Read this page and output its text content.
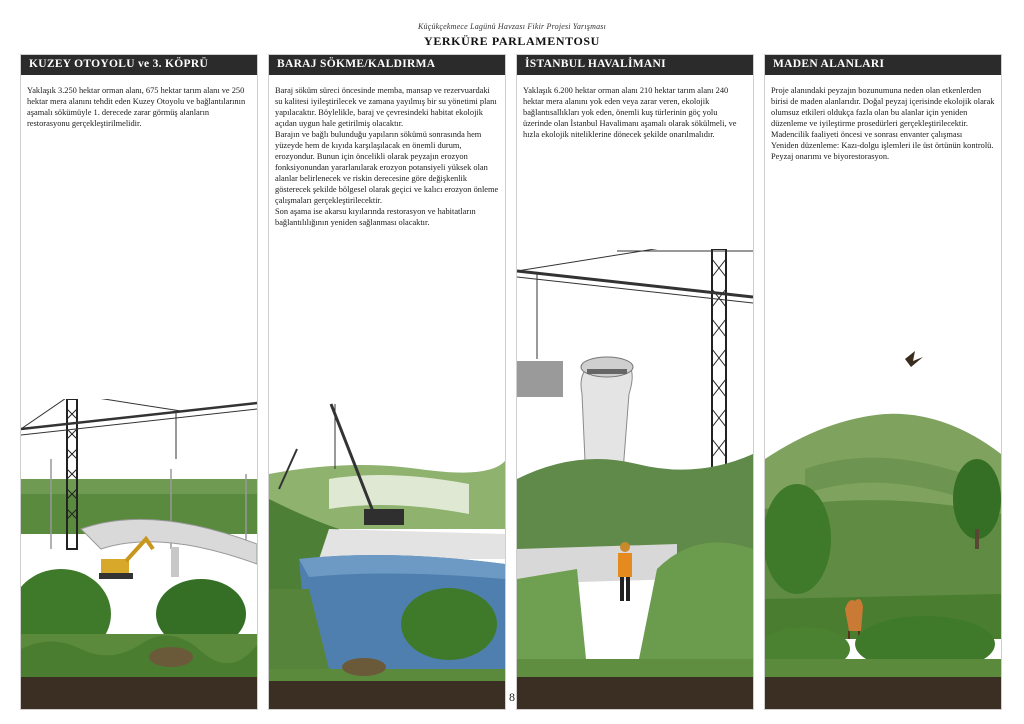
Küçükçekmece Lagünü Havzası Fikir Projesi Yarışması
YERKÜRE PARLAMENTOSU
KUZEY OTOYOLU ve 3. KÖPRÜ

Yaklaşık 3.250 hektar orman alanı, 675 hektar tarım alanı ve 250 hektar mera alanını tehdit eden Kuzey Otoyolu ve bağlantılarının aşamalı sökümüyle 1. derecede zarar görmüş alanların restorasyonu gerçekleştirilmelidir.

BARAJ SÖKME/KALDIRMA

Baraj söküm süreci öncesinde memba, mansap ve rezervuardaki su kalitesi iyileştirilecek ve zamana yayılmış bir su yönetimi planı yapılacaktır. Böylelikle, baraj ve çevresindeki habitat ekolojik açıdan uygun hale getirilmiş olacaktır.

Barajın ve bağlı bulunduğu yapıların sökümü sonrasında hem yüzeyde hem de kıyıda karşılaşılacak en önemli durum, erozyondur. Bunun için öncelikli olarak peyzajın erozyon fonksiyonundan yararlanılarak erozyon potansiyeli yüksek olan alanlar belirlenecek ve riskin derecesine göre değişkenlik gösterecek şekilde bölgesel olarak geçici ve kalıcı erozyon önleme çalışmaları gerçekleştirilecektir.

Son aşama ise akarsu kıyılarında restorasyon ve habitatların bağlantılılığının yeniden sağlanması olacaktır.

İSTANBUL HAVALİMANI

Yaklaşık 6.200 hektar orman alanı 210 hektar tarım alanı 240 hektar mera alanını yok eden veya zarar veren, ekolojik bağlantısallıkları yok eden, önemli kuş türlerinin göç yolu üzerinde olan İstanbul Havalimanı aşamalı olarak sökülmeli, ve hızla ekolojik niteliklerine dönecek şekilde onarılmalıdır.

MADEN ALANLARI

Proje alanındaki peyzajın bozunumuna neden olan etkenlerden birisi de maden alanlarıdır. Doğal peyzaj içerisinde ekolojik olarak olumsuz etkileri oldukça fazla olan bu alanlar için yeniden düzenleme ve iyileştirme prosedürleri gerçekleştirilecektir.

Madencilik faaliyeti öncesi ve sonrası envanter çalışması

Yeniden düzenleme: Kazı-dolgu işlemleri ile üst örtünün kontrolü.

Peyzaj onarımı ve biyorestorasyon.

8
